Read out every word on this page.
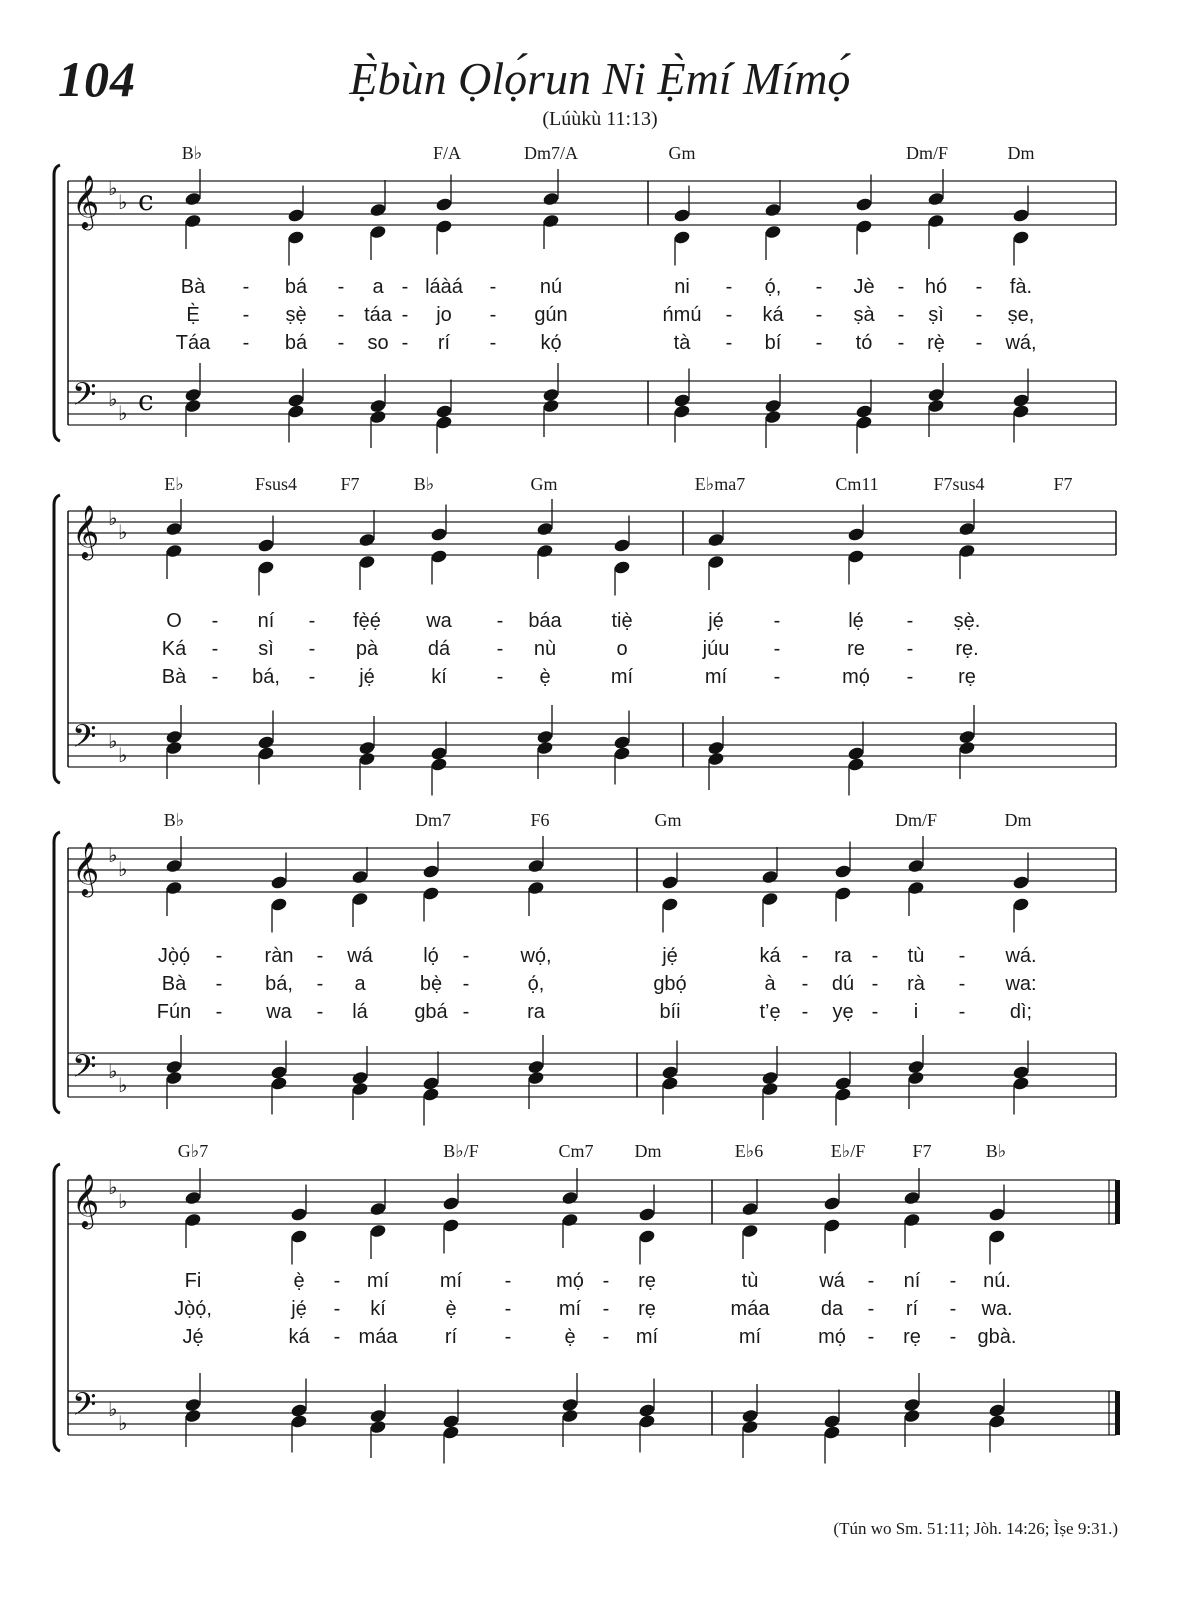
104	Ẹ̀bùn Ọlọ́run Ni Ẹ̀mí Mímọ́
(Lúùkù 11:13)
𝄞
𝄢
♭
♭
♭
♭
c
c
𝄞
𝄢
♭
♭
♭
♭
𝄞
𝄢
♭
♭
♭
♭
𝄞
𝄢
♭
♭
♭
♭
B♭	F/A	Dm7/A	Gm	Dm/F	Dm
Bà	bá	a láàá	nú	ni	ọ́,	Jè	hó	fà.
-	-	-	-	-	-	-	-
Ẹ̀	ṣẹ̀	táa jo	gún	ńmú	ká	ṣà	ṣì	ṣe,
-	-	-	-	-	-	-	-
Táa	bá	so rí	kọ́	tà	bí	tó	rẹ̀	wá,
-	-	-	-	-	-	-	-
E♭	Fsus4 F7	B♭	Gm	E♭ma7	Cm11	F7sus4	F7
O	ní	fẹ̀ẹ́ wa	báa tiẹ̀	jẹ́	lẹ́	ṣẹ̀.
-	-	-	-	-
Ká	sì	pà dá	nù	o	júu	re	rẹ.
-	-	-	-	-
Bà	bá,	jẹ́	kí	ẹ̀	mí	mí	mọ́	rẹ
-	-	-	-	-
B♭	Dm7	F6	Gm	Dm/F	Dm
Jọ̀ọ́	ràn	wá	lọ́	wọ́,	jẹ́	ká	ra	tù	wá.
-	-	-	-	-	-
Bà	bá,	a	bẹ̀	ọ́,	gbọ́	à	dú	rà	wa:
-	-	-	-	-	-
Fún	wa	lá gbá	ra	bíi	t’ẹ	yẹ	i	dì;
-	-	-	-	-	-
G♭7	B♭/F	Cm7 Dm	E♭6	E♭/F	F7	B♭
Fi	ẹ̀	mí	mí	mọ́	rẹ	tù	wá	ní	nú.
-	-	-	-	-
Jọ̀ọ́,	jẹ́	kí	ẹ̀	mí	rẹ	máa	da	rí	wa.
-	-	-	-	-
Jẹ́	ká máa rí	ẹ̀	mí	mí	mọ́	rẹ	gbà.
-	-	-	-	-
(Tún wo Sm. 51:11; Jòh. 14:26; Ìṣe 9:31.)
